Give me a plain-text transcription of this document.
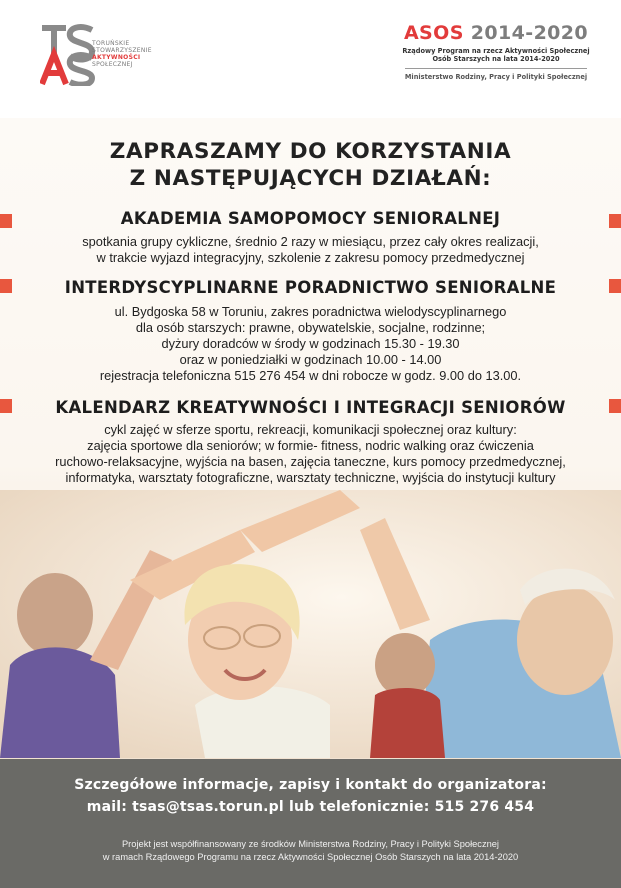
TORUŃSKIE
STOWARZYSZENIE
AKTYWNOŚCI
SPOŁECZNEJ
ASOS 2014-2020
Rządowy Program na rzecz Aktywności Społecznej
Osób Starszych na lata 2014-2020
Ministerstwo Rodziny, Pracy i Polityki Społecznej
ZAPRASZAMY DO KORZYSTANIA
Z NASTĘPUJĄCYCH DZIAŁAŃ:
AKADEMIA SAMOPOMOCY SENIORALNEJ
spotkania grupy cykliczne, średnio 2 razy w miesiącu, przez cały okres realizacji,
w trakcie wyjazd integracyjny, szkolenie z zakresu pomocy przedmedycznej
INTERDYSCYPLINARNE PORADNICTWO SENIORALNE
ul. Bydgoska 58 w Toruniu, zakres poradnictwa wielodyscyplinarnego
dla osób starszych: prawne, obywatelskie, socjalne, rodzinne;
dyżury doradców w środy w godzinach 15.30 - 19.30
oraz w poniedziałki w godzinach 10.00 - 14.00
rejestracja telefoniczna 515 276 454 w dni robocze w godz. 9.00 do 13.00.
KALENDARZ KREATYWNOŚCI I INTEGRACJI SENIORÓW
cykl zajęć w sferze sportu, rekreacji, komunikacji społecznej oraz kultury:
zajęcia sportowe dla seniorów; w formie- fitness, nodric walking oraz ćwiczenia
ruchowo-relaksacyjne, wyjścia na basen, zajęcia taneczne, kurs pomocy przedmedycznej,
informatyka, warsztaty fotograficzne, warsztaty techniczne, wyjścia do instytucji kultury
Szczegółowe informacje, zapisy i kontakt do organizatora:
mail: tsas@tsas.torun.pl lub telefonicznie: 515 276 454
Projekt jest współfinansowany ze środków Ministerstwa Rodziny, Pracy i Polityki Społecznej
w ramach Rządowego Programu na rzecz Aktywności Społecznej Osób Starszych na lata 2014-2020
